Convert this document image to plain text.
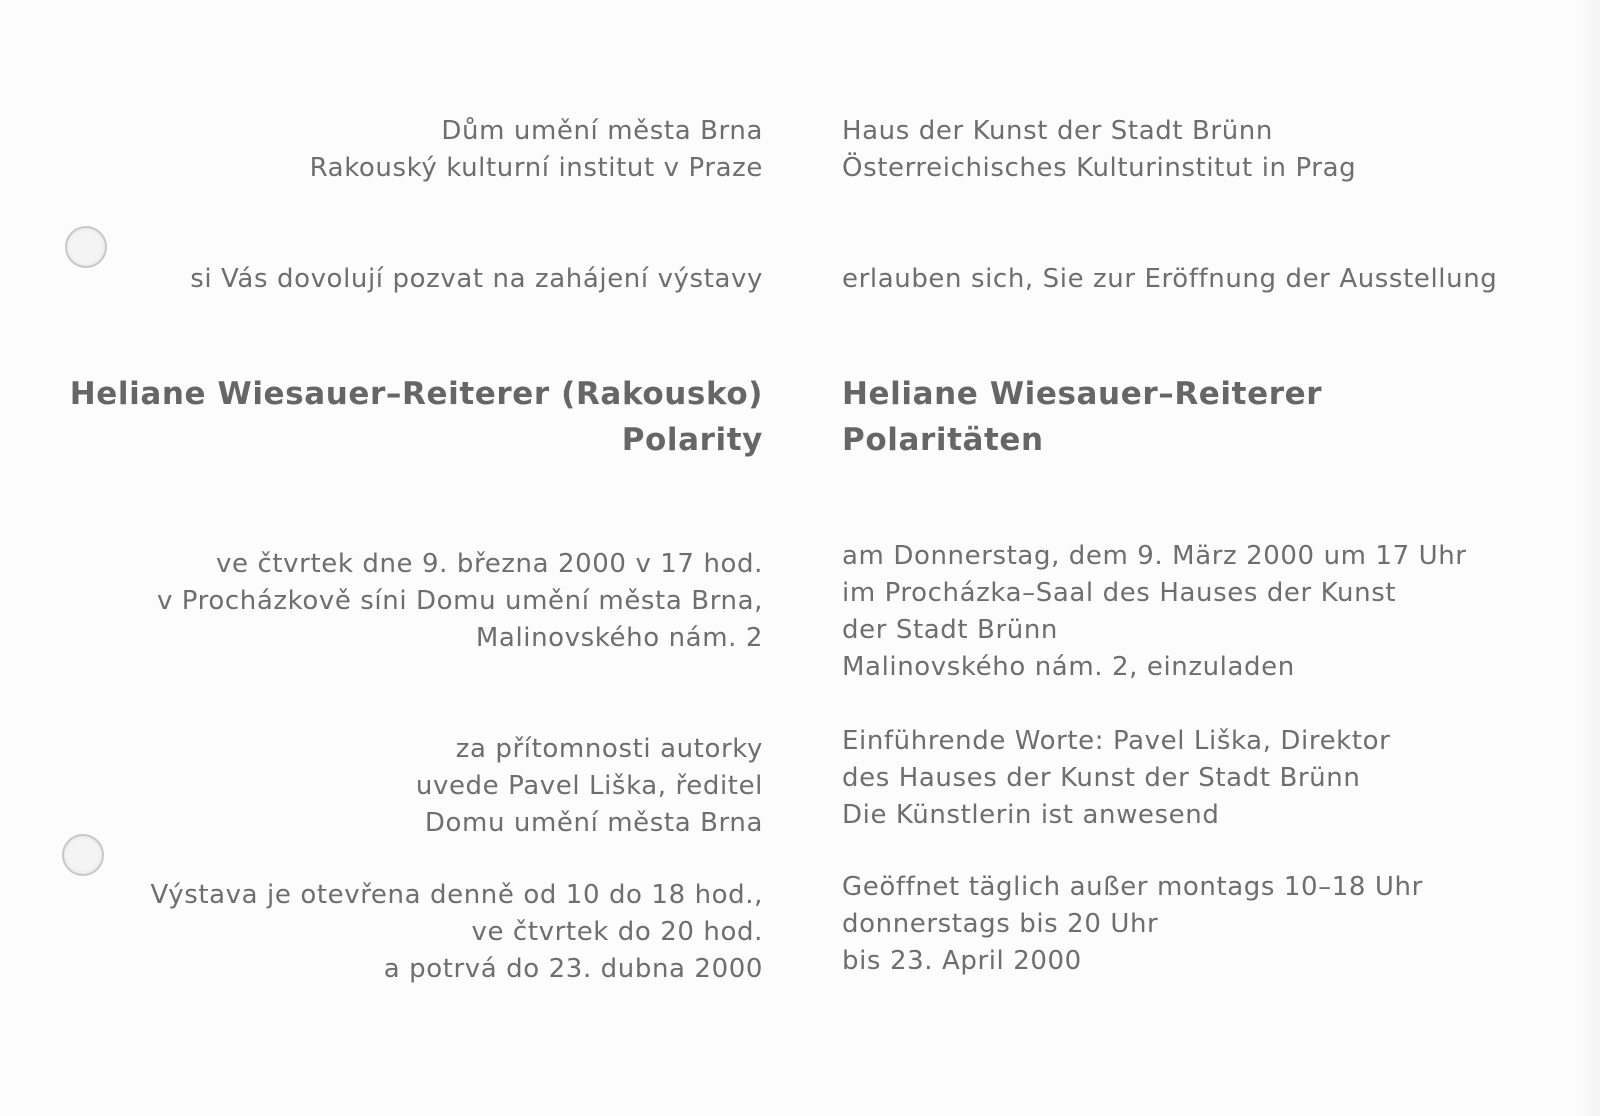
Dům umění města Brna
Rakouský kulturní institut v Praze

si Vás dovolují pozvat na zahájení výstavy

Heliane Wiesauer–Reiterer (Rakousko)
Polarity

ve čtvrtek dne 9. března 2000 v 17 hod.
v Procházkově síni Domu umění města Brna,
Malinovského nám. 2

za přítomnosti autorky
uvede Pavel Liška, ředitel
Domu umění města Brna

Výstava je otevřena denně od 10 do 18 hod.,
ve čtvrtek do 20 hod.
a potrvá do 23. dubna 2000

Haus der Kunst der Stadt Brünn
Österreichisches Kulturinstitut in Prag

erlauben sich, Sie zur Eröffnung der Ausstellung

Heliane Wiesauer–Reiterer
Polaritäten

am Donnerstag, dem 9. März 2000 um 17 Uhr
im Procházka–Saal des Hauses der Kunst
der Stadt Brünn
Malinovského nám. 2, einzuladen

Einführende Worte: Pavel Liška, Direktor
des Hauses der Kunst der Stadt Brünn
Die Künstlerin ist anwesend

Geöffnet täglich außer montags 10–18 Uhr
donnerstags bis 20 Uhr
bis 23. April 2000
